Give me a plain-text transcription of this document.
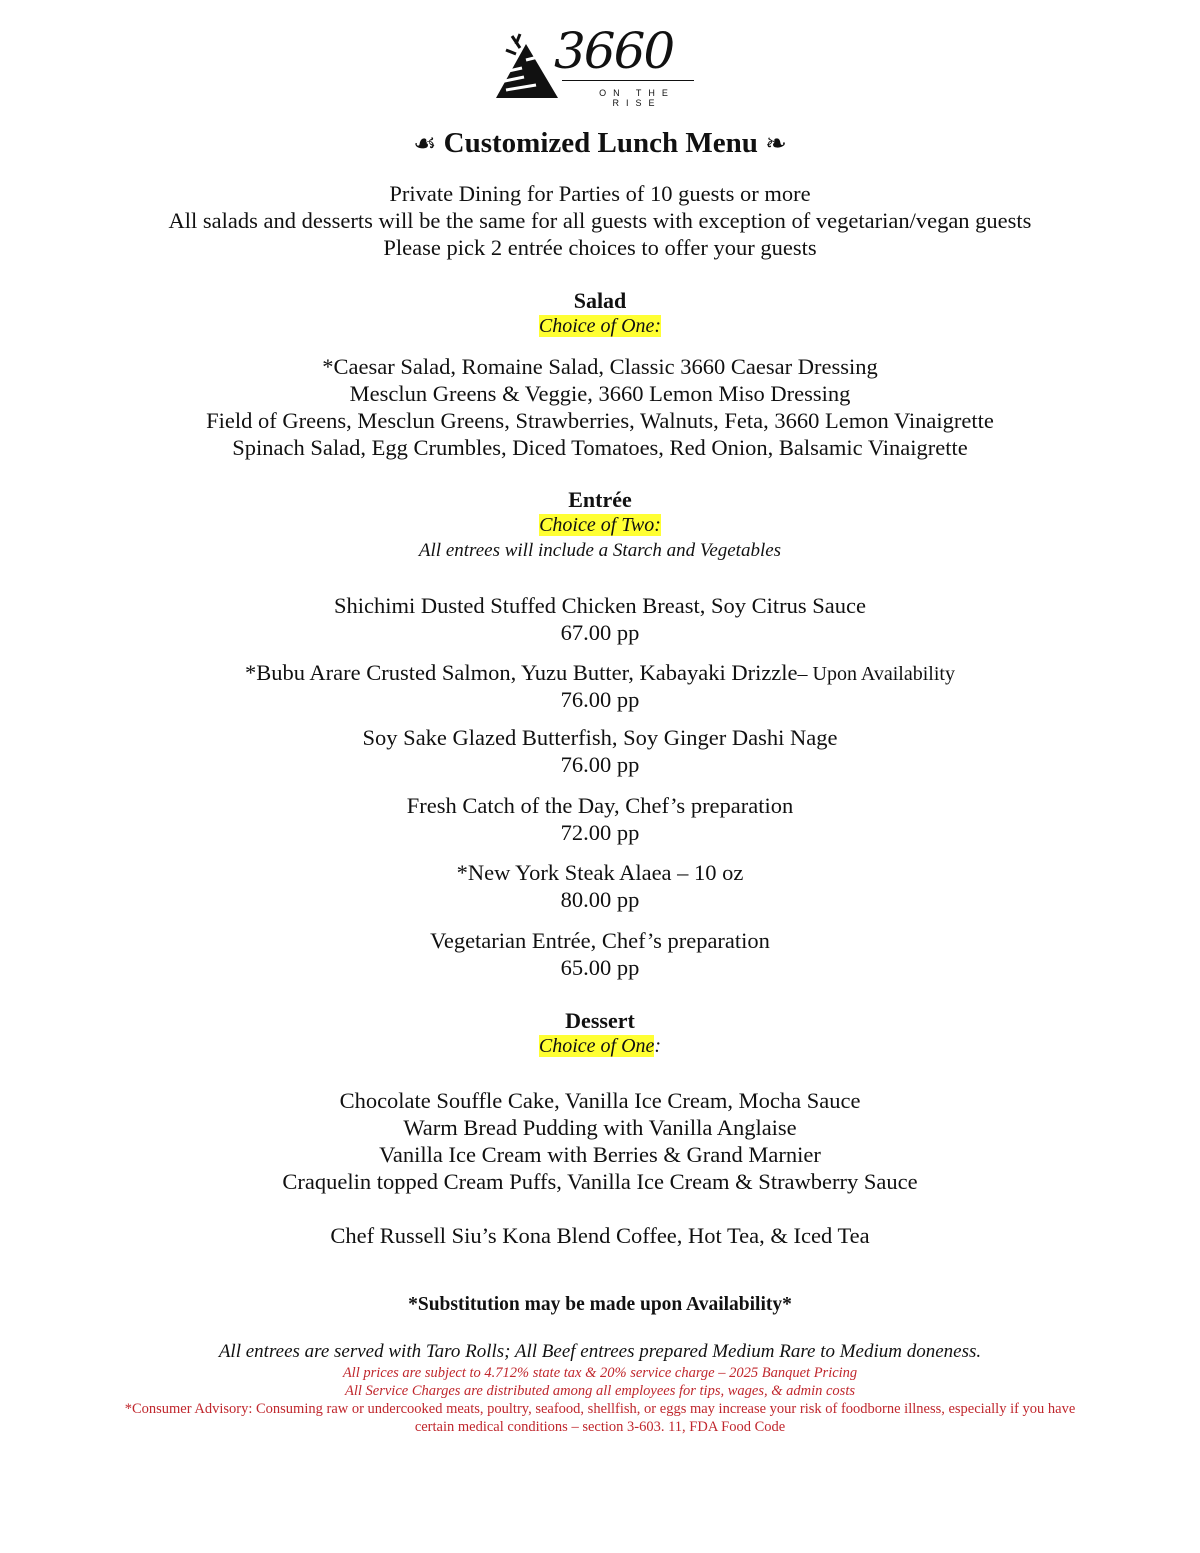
3660
ON THE RISE
☙ Customized Lunch Menu ❧
Private Dining for Parties of 10 guests or more
All salads and desserts will be the same for all guests with exception of vegetarian/vegan guests
Please pick 2 entrée choices to offer your guests
Salad
Choice of One:
*Caesar Salad, Romaine Salad, Classic 3660 Caesar Dressing
Mesclun Greens & Veggie, 3660 Lemon Miso Dressing
Field of Greens, Mesclun Greens, Strawberries, Walnuts, Feta, 3660 Lemon Vinaigrette
Spinach Salad, Egg Crumbles, Diced Tomatoes, Red Onion, Balsamic Vinaigrette
Entrée
Choice of Two:
All entrees will include a Starch and Vegetables
Shichimi Dusted Stuffed Chicken Breast, Soy Citrus Sauce
67.00 pp
*Bubu Arare Crusted Salmon, Yuzu Butter, Kabayaki Drizzle– Upon Availability
76.00 pp
Soy Sake Glazed Butterfish, Soy Ginger Dashi Nage
76.00 pp
Fresh Catch of the Day, Chef’s preparation
72.00 pp
*New York Steak Alaea – 10 oz
80.00 pp
Vegetarian Entrée, Chef’s preparation
65.00 pp
Dessert
Choice of One:
Chocolate Souffle Cake, Vanilla Ice Cream, Mocha Sauce
Warm Bread Pudding with Vanilla Anglaise
Vanilla Ice Cream with Berries & Grand Marnier
Craquelin topped Cream Puffs, Vanilla Ice Cream & Strawberry Sauce
Chef Russell Siu’s Kona Blend Coffee, Hot Tea, & Iced Tea
*Substitution may be made upon Availability*
All entrees are served with Taro Rolls; All Beef entrees prepared Medium Rare to Medium doneness.
All prices are subject to 4.712% state tax & 20% service charge – 2025 Banquet Pricing
All Service Charges are distributed among all employees for tips, wages, & admin costs
*Consumer Advisory: Consuming raw or undercooked meats, poultry, seafood, shellfish, or eggs may increase your risk of foodborne illness, especially if you have
certain medical conditions – section 3-603. 11, FDA Food Code
